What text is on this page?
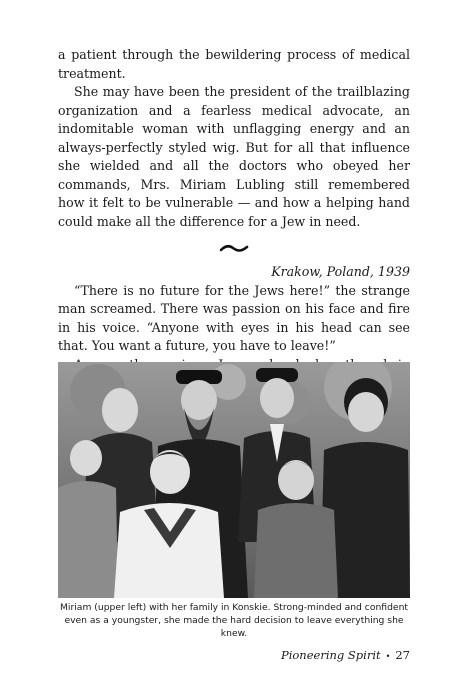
a patient through the bewildering process of medical treatment.

She may have been the president of the trailblazing organization and a fearless medical advocate, an indomitable woman with unflagging energy and an always-perfectly styled wig. But for all that influence she wielded and all the doctors who obeyed her commands, Mrs. Miriam Lubling still remembered how it felt to be vulnerable — and how a helping hand could make all the difference for a Jew in need.

Krakow, Poland, 1939

“There is no future for the Jews here!” the strange man screamed. There was passion on his face and fire in his voice. “Anyone with eyes in his head can see that. You want a future, you have to leave!”

Miriam (upper left) with her family in Konskie. Strong-minded and confident even as a youngster, she made the hard decision to leave everything she knew.
Pioneering Spirit • 27
